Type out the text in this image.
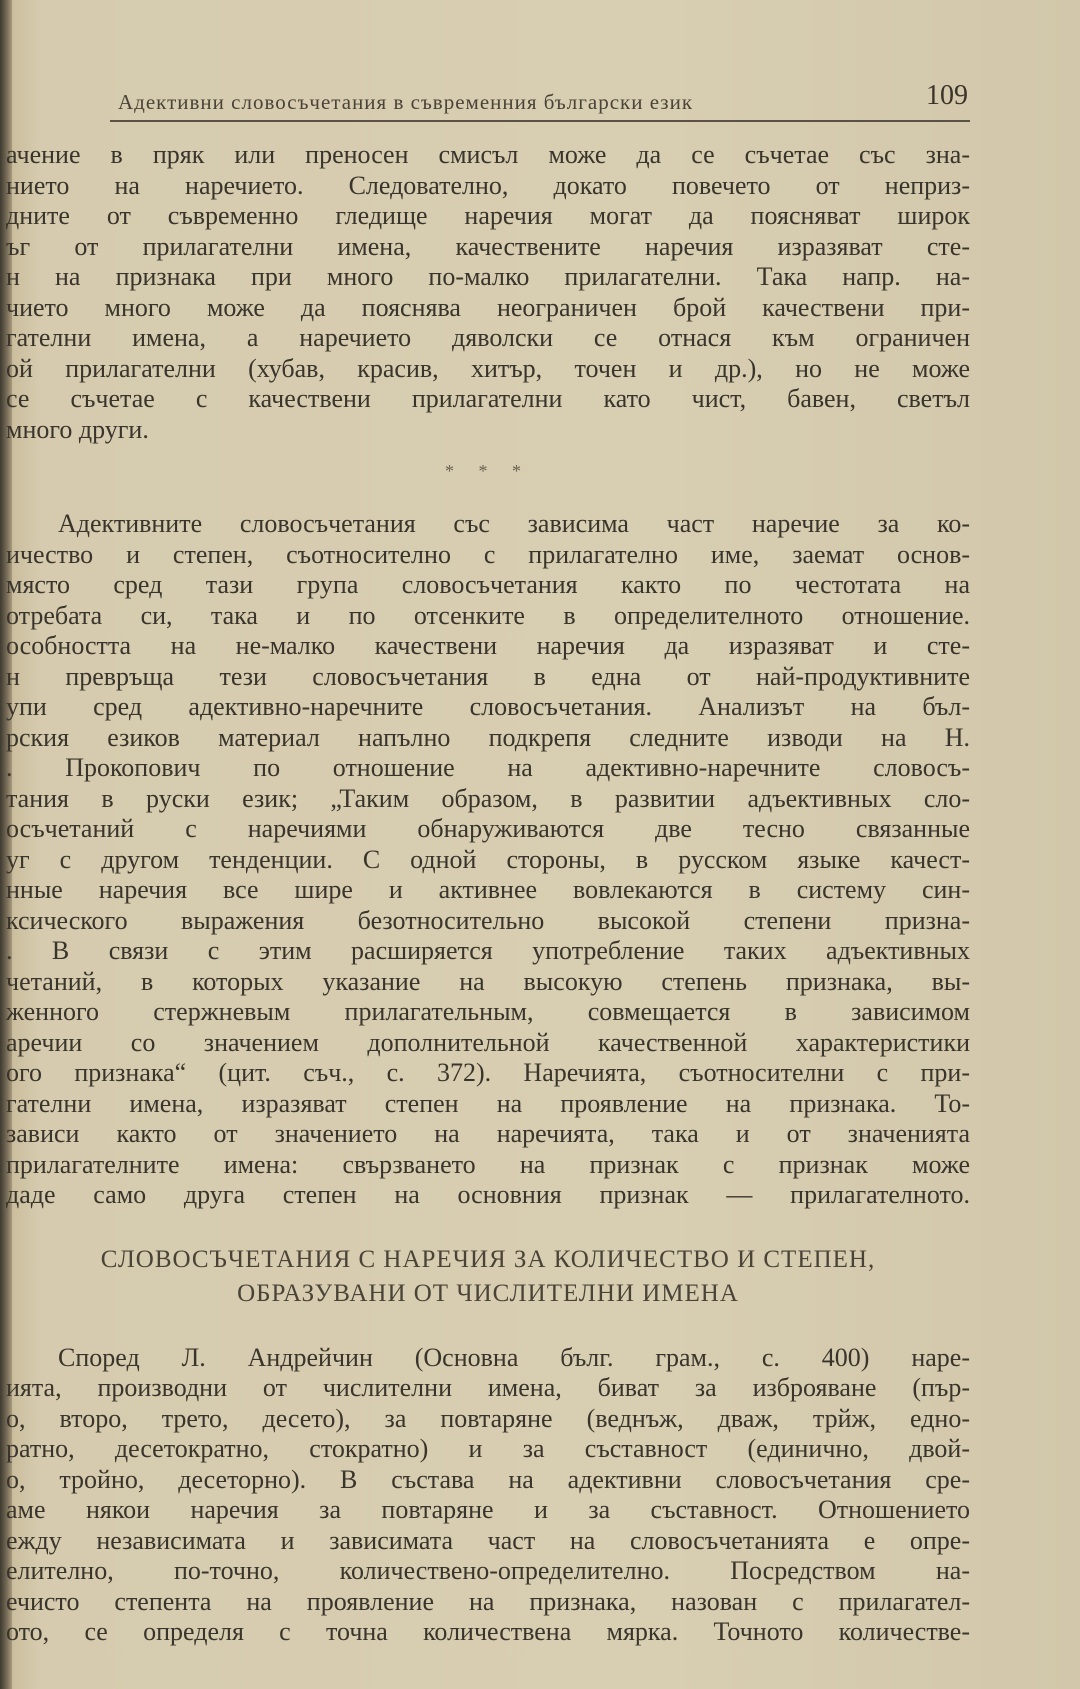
Адективни словосъчетания в съвременния български език	109
ачение в пряк или преносен смисъл може да се съчетае със зна-
нието на наречието. Следователно, докато повечето от неприз-
дните от съвременно гледище наречия могат да поясняват широк
ъг от прилагателни имена, качествените наречия изразяват сте-
н на признака при много по-малко прилагателни. Така напр. на-
чието много може да пояснява неограничен брой качествени при-
гателни имена, а наречието дяволски се отнася към ограничен
ой прилагателни (хубав, красив, хитър, точен и др.), но не може
се съчетае с качествени прилагателни като чист, бавен, светъл
много други.
* * *
Адективните словосъчетания със зависима част наречие за ко-
ичество и степен, съотносително с прилагателно име, заемат основ-
място сред тази група словосъчетания както по честотата на
отребата си, така и по отсенките в определителното отношение.
особността на не-малко качествени наречия да изразяват и сте-
н превръща тези словосъчетания в една от най-продуктивните
упи сред адективно-наречните словосъчетания. Анализът на бъл-
рския езиков материал напълно подкрепя следните изводи на Н.
. Прокопович по отношение на адективно-наречните словосъ-
тания в руски език; „Таким образом, в развитии адъективных сло-
осъчетаний с наречиями обнаруживаются две тесно связанные
уг с другом тенденции. С одной стороны, в русском языке качест-
нные наречия все шире и активнее вовлекаются в систему син-
ксического выражения безотносительно высокой степени призна-
. В связи с этим расширяется употребление таких адъективных
четаний, в которых указание на высокую степень признака, вы-
женного стержневым прилагательным, совмещается в зависимом
аречии со значением дополнительной качественной характеристики
ого признака“ (цит. съч., с. 372). Наречията, съотносителни с при-
гателни имена, изразяват степен на проявление на признака. То-
зависи както от значението на наречията, така и от значенията
прилагателните имена: свързването на признак с признак може
даде само друга степен на основния признак — прилагателното.
СЛОВОСЪЧЕТАНИЯ С НАРЕЧИЯ ЗА КОЛИЧЕСТВО И СТЕПЕН,
ОБРАЗУВАНИ ОТ ЧИСЛИТЕЛНИ ИМЕНА
Според Л. Андрейчин (Основна бълг. грам., с. 400) наре-
ията, производни от числителни имена, биват за изброяване (пър-
о, второ, трето, десето), за повтаряне (веднъж, дваж, трйж, едно-
ратно, десетократно, стократно) и за съставност (единично, двой-
о, тройно, десеторно). В състава на адективни словосъчетания сре-
аме някои наречия за повтаряне и за съставност. Отношението
ежду независимата и зависимата част на словосъчетанията е опре-
елително, по-точно, количествено-определително. Посредством на-
ечисто степента на проявление на признака, назован с прилагател-
ото, се определя с точна количествена мярка. Точното количестве-
